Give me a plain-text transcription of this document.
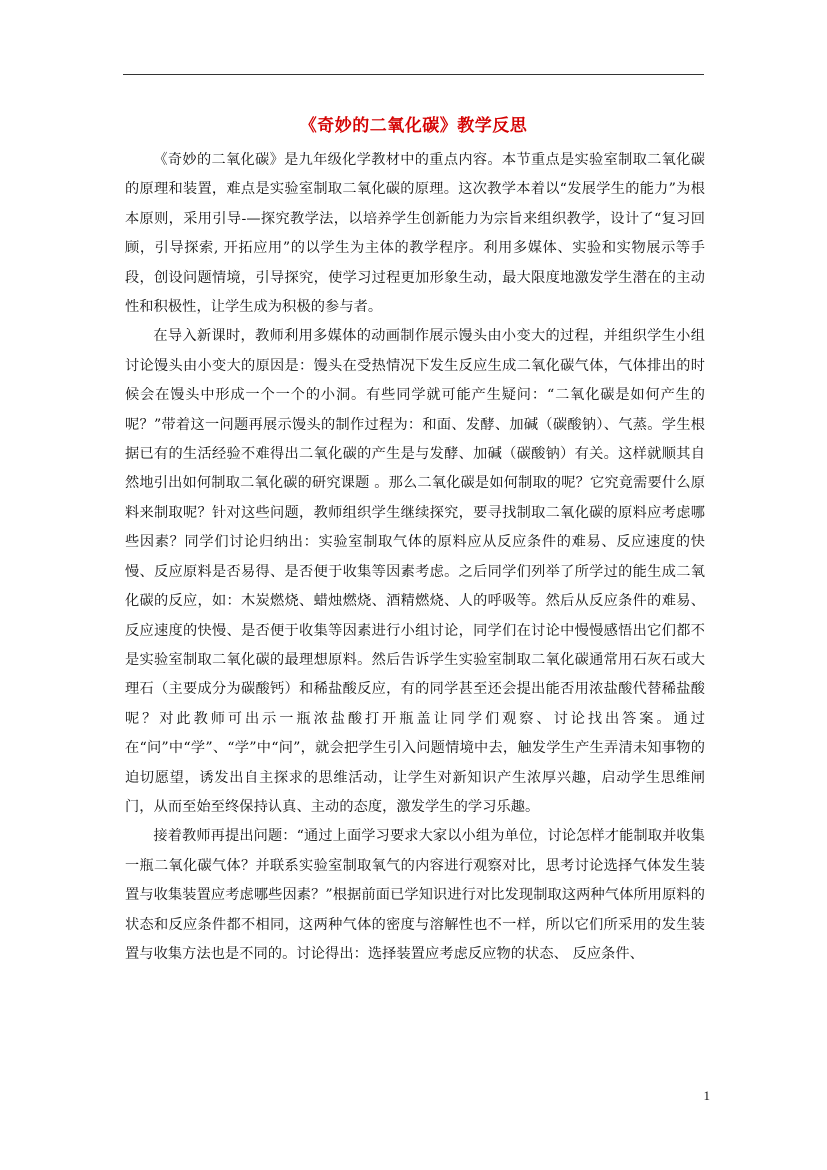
《奇妙的二氧化碳》教学反思

《奇妙的二氧化碳》是九年级化学教材中的重点内容。本节重点是实验室制取二氧化碳的原理和装置，难点是实验室制取二氧化碳的原理。这次教学本着以“发展学生的能力”为根本原则，采用引导-—探究教学法，以培养学生创新能力为宗旨来组织教学，设计了“复习回顾，引导探索, 开拓应用”的以学生为主体的教学程序。利用多媒体、实验和实物展示等手段，创设问题情境，引导探究，使学习过程更加形象生动，最大限度地激发学生潜在的主动性和积极性，让学生成为积极的参与者。

在导入新课时，教师利用多媒体的动画制作展示馒头由小变大的过程，并组织学生小组讨论馒头由小变大的原因是：馒头在受热情况下发生反应生成二氧化碳气体，气体排出的时候会在馒头中形成一个一个的小洞。有些同学就可能产生疑问：“二氧化碳是如何产生的呢？”带着这一问题再展示馒头的制作过程为：和面、发酵、加碱（碳酸钠）、气蒸。学生根据已有的生活经验不难得出二氧化碳的产生是与发酵、加碱（碳酸钠）有关。这样就顺其自然地引出如何制取二氧化碳的研究课题 。那么二氧化碳是如何制取的呢？它究竟需要什么原料来制取呢？针对这些问题，教师组织学生继续探究，要寻找制取二氧化碳的原料应考虑哪些因素？同学们讨论归纳出：实验室制取气体的原料应从反应条件的难易、反应速度的快慢、反应原料是否易得、是否便于收集等因素考虑。之后同学们列举了所学过的能生成二氧化碳的反应，如：木炭燃烧、蜡烛燃烧、酒精燃烧、人的呼吸等。然后从反应条件的难易、反应速度的快慢、是否便于收集等因素进行小组讨论，同学们在讨论中慢慢感悟出它们都不是实验室制取二氧化碳的最理想原料。然后告诉学生实验室制取二氧化碳通常用石灰石或大理石（主要成分为碳酸钙）和稀盐酸反应，有的同学甚至还会提出能否用浓盐酸代替稀盐酸呢？对此教师可出示一瓶浓盐酸打开瓶盖让同学们观察、讨论找出答案。通过在“问”中“学”、“学”中“问”，就会把学生引入问题情境中去，触发学生产生弄清未知事物的迫切愿望，诱发出自主探求的思维活动，让学生对新知识产生浓厚兴趣，启动学生思维闸门，从而至始至终保持认真、主动的态度，激发学生的学习乐趣。

接着教师再提出问题：“通过上面学习要求大家以小组为单位，讨论怎样才能制取并收集一瓶二氧化碳气体？并联系实验室制取氧气的内容进行观察对比，思考讨论选择气体发生装置与收集装置应考虑哪些因素？”根据前面已学知识进行对比发现制取这两种气体所用原料的状态和反应条件都不相同，这两种气体的密度与溶解性也不一样，所以它们所采用的发生装置与收集方法也是不同的。讨论得出：选择装置应考虑反应物的状态、 反应条件、

1
